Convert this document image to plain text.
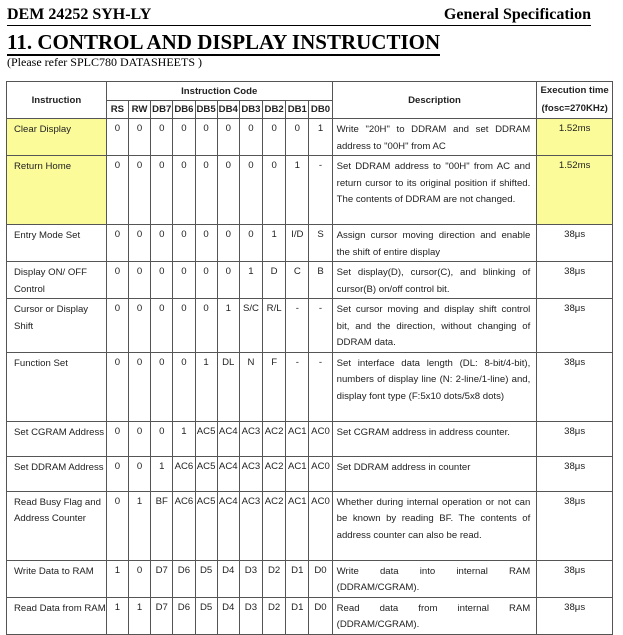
DEM 24252 SYH-LY	General Specification
11. CONTROL AND DISPLAY INSTRUCTION
(Please refer SPLC780 DATASHEETS )
Instruction	Instruction Code										Description	Execution time
(fosc=270KHz)
	RS	RW	DB7	DB6	DB5	DB4	DB3	DB2	DB1	DB0		
Clear Display	0	0	0	0	0	0	0	0	0	1	Write "20H" to DDRAM and set DDRAM address to "00H" from AC	1.52ms
Return Home	0	0	0	0	0	0	0	0	1	-	Set DDRAM address to "00H" from AC and return cursor to its original position if shifted. The contents of DDRAM are not changed.	1.52ms
Entry Mode Set	0	0	0	0	0	0	0	1	I/D	S	Assign cursor moving direction and enable the shift of entire display	38μs
Display ON/ OFF Control	0	0	0	0	0	0	1	D	C	B	Set display(D), cursor(C), and blinking of cursor(B) on/off control bit.	38μs
Cursor or Display Shift	0	0	0	0	0	1	S/C	R/L	-	-	Set cursor moving and display shift control bit, and the direction, without changing of DDRAM data.	38μs
Function Set	0	0	0	0	1	DL	N	F	-	-	Set interface data length (DL: 8-bit/4-bit), numbers of display line (N: 2-line/1-line) and, display font type (F:5x10 dots/5x8 dots)	38μs
Set CGRAM Address	0	0	0	1	AC5	AC4	AC3	AC2	AC1	AC0	Set CGRAM address in address counter.	38μs
Set DDRAM Address	0	0	1	AC6	AC5	AC4	AC3	AC2	AC1	AC0	Set DDRAM address in counter	38μs
Read Busy Flag and Address Counter	0	1	BF	AC6	AC5	AC4	AC3	AC2	AC1	AC0	Whether during internal operation or not can be known by reading BF. The contents of address counter can also be read.	38μs
Write Data to RAM	1	0	D7	D6	D5	D4	D3	D2	D1	D0	Write data into internal RAM (DDRAM/CGRAM).	38μs
Read Data from RAM	1	1	D7	D6	D5	D4	D3	D2	D1	D0	Read data from internal RAM (DDRAM/CGRAM).	38μs
